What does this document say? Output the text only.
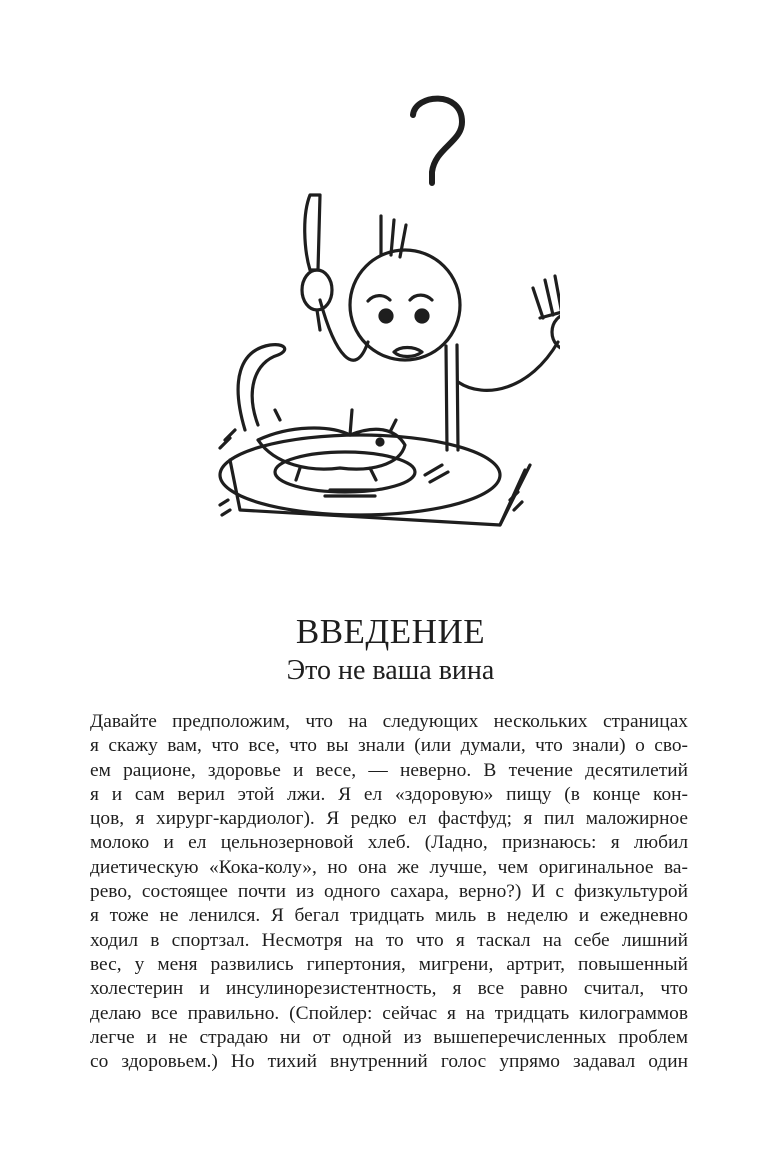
ВВЕДЕНИЕ
Это не ваша вина
Давайте предположим, что на следующих нескольких страницах
я скажу вам, что все, что вы знали (или думали, что знали) о сво-
ем рационе, здоровье и весе, — неверно. В течение десятилетий
я и сам верил этой лжи. Я ел «здоровую» пищу (в конце кон-
цов, я хирург-кардиолог). Я редко ел фастфуд; я пил маложирное
молоко и ел цельнозерновой хлеб. (Ладно, признаюсь: я любил
диетическую «Кока-колу», но она же лучше, чем оригинальное ва-
рево, состоящее почти из одного сахара, верно?) И с физкультурой
я тоже не ленился. Я бегал тридцать миль в неделю и ежедневно
ходил в спортзал. Несмотря на то что я таскал на себе лишний
вес, у меня развились гипертония, мигрени, артрит, повышенный
холестерин и инсулинорезистентность, я все равно считал, что
делаю все правильно. (Спойлер: сейчас я на тридцать килограммов
легче и не страдаю ни от одной из вышеперечисленных проблем
со здоровьем.) Но тихий внутренний голос упрямо задавал один
